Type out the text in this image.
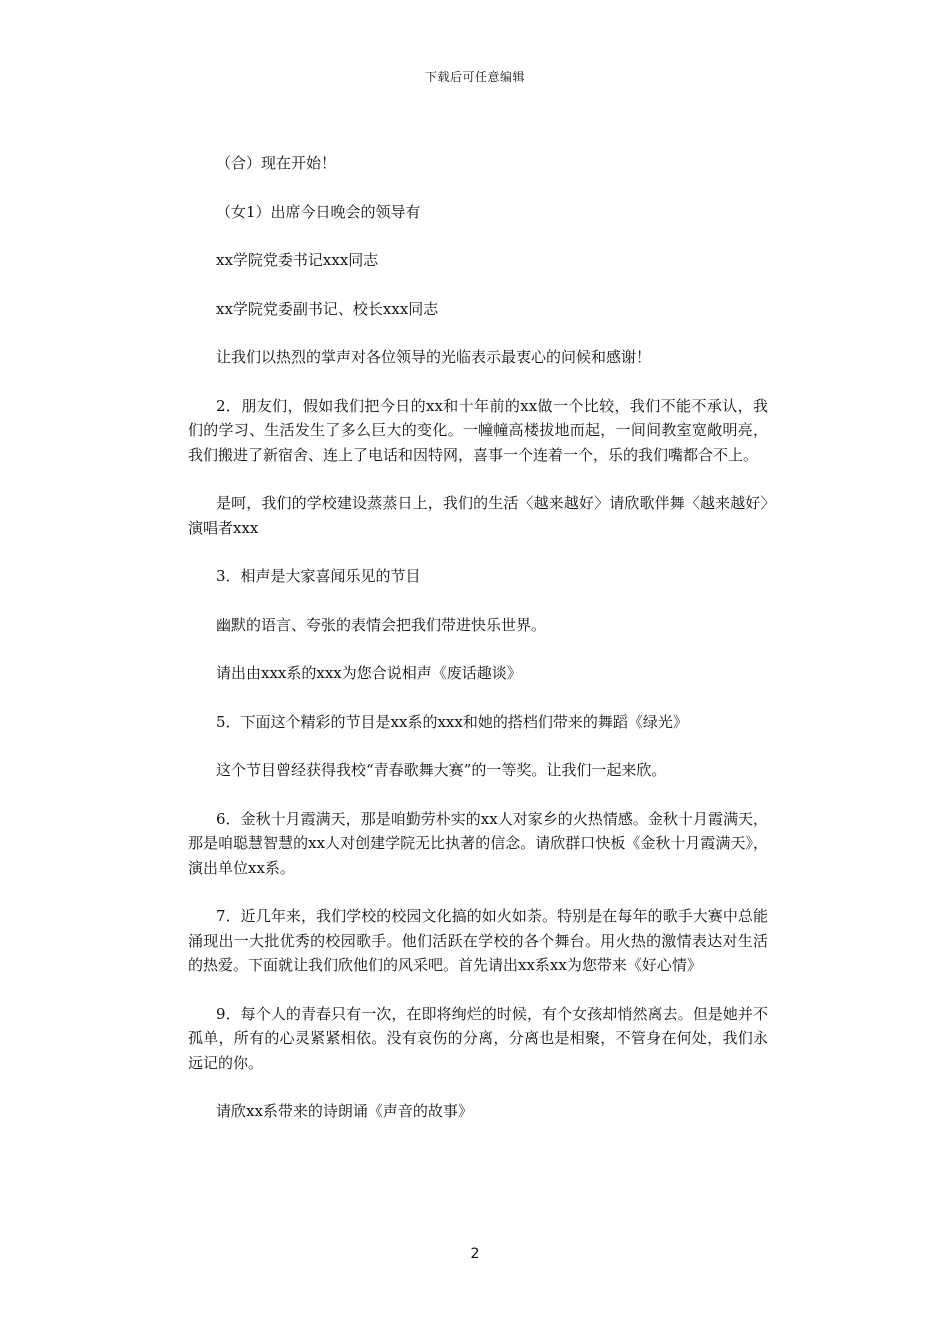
下载后可任意编辑

（合）现在开始！

（女1）出席今日晚会的领导有

xx学院党委书记xxx同志

xx学院党委副书记、校长xxx同志

让我们以热烈的掌声对各位领导的光临表示最衷心的问候和感谢！

2．朋友们，假如我们把今日的xx和十年前的xx做一个比较，我们不能不承认，我们的学习、生活发生了多么巨大的变化。一幢幢高楼拔地而起，一间间教室宽敞明亮，我们搬进了新宿舍、连上了电话和因特网，喜事一个连着一个，乐的我们嘴都合不上。

是呵，我们的学校建设蒸蒸日上，我们的生活〈越来越好〉请欣歌伴舞〈越来越好〉演唱者xxx

3．相声是大家喜闻乐见的节目

幽默的语言、夸张的表情会把我们带进快乐世界。

请出由xxx系的xxx为您合说相声《废话趣谈》

5．下面这个精彩的节目是xx系的xxx和她的搭档们带来的舞蹈《绿光》

这个节目曾经获得我校“青春歌舞大赛”的一等奖。让我们一起来欣。

6．金秋十月霞满天，那是咱勤劳朴实的xx人对家乡的火热情感。金秋十月霞满天，那是咱聪慧智慧的xx人对创建学院无比执著的信念。请欣群口快板《金秋十月霞满天》，演出单位xx系。

7．近几年来，我们学校的校园文化搞的如火如荼。特别是在每年的歌手大赛中总能涌现出一大批优秀的校园歌手。他们活跃在学校的各个舞台。用火热的激情表达对生活的热爱。下面就让我们欣他们的风采吧。首先请出xx系xx为您带来《好心情》

9．每个人的青春只有一次，在即将绚烂的时候，有个女孩却悄然离去。但是她并不孤单，所有的心灵紧紧相依。没有哀伤的分离，分离也是相聚，不管身在何处，我们永远记的你。

请欣xx系带来的诗朗诵《声音的故事》

2
